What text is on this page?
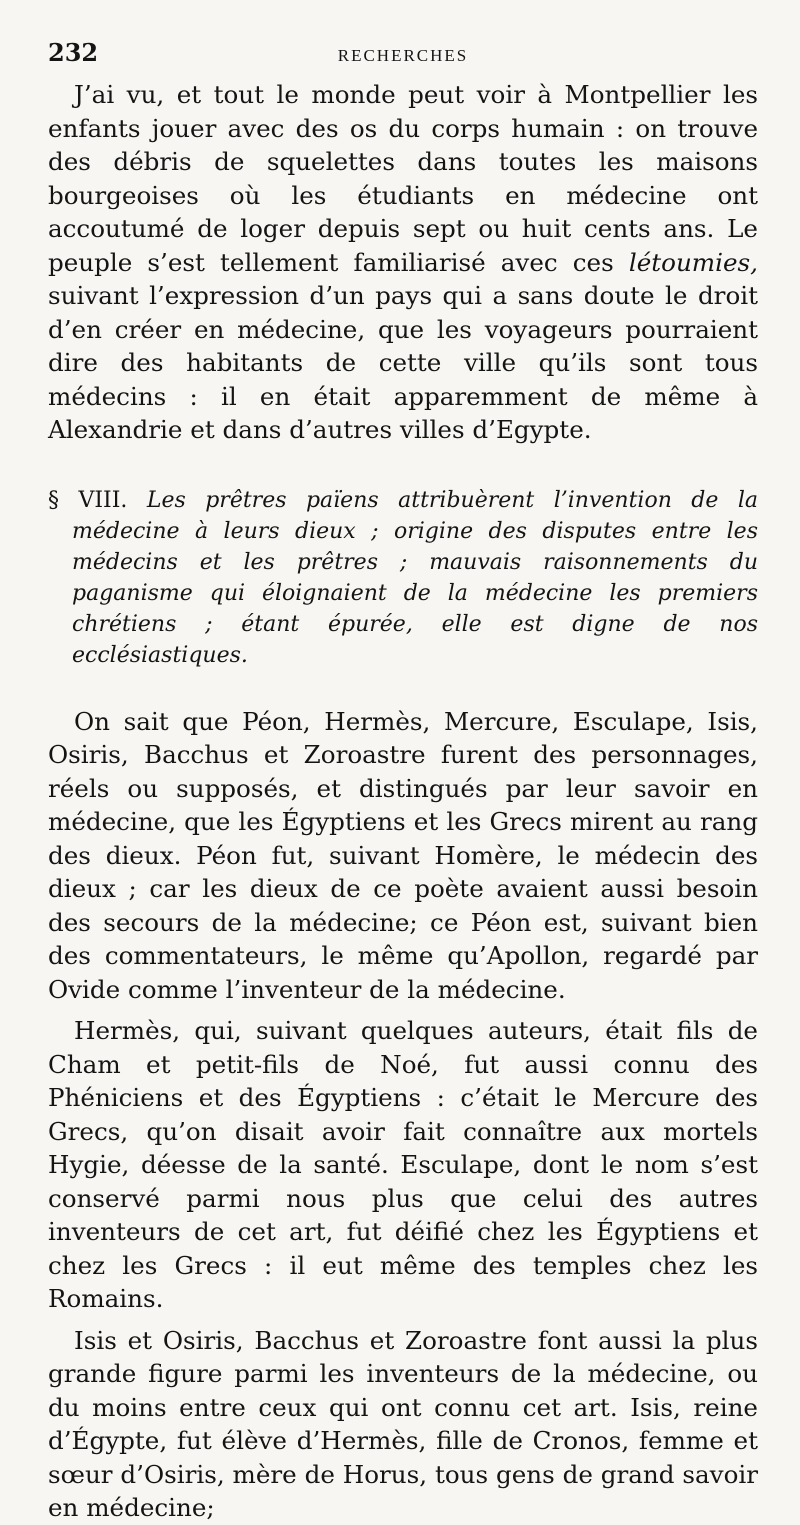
232	RECHERCHES

J’ai vu, et tout le monde peut voir à Montpellier les enfants jouer avec des os du corps humain : on trouve des débris de squelettes dans toutes les maisons bourgeoises où les étudiants en médecine ont accoutumé de loger depuis sept ou huit cents ans. Le peuple s’est tellement familiarisé avec ces létoumies, suivant l’expression d’un pays qui a sans doute le droit d’en créer en médecine, que les voyageurs pourraient dire des habitants de cette ville qu’ils sont tous médecins : il en était apparemment de même à Alexandrie et dans d’autres villes d’Egypte.

§ VIII. Les prêtres païens attribuèrent l’invention de la médecine à leurs dieux ; origine des disputes entre les médecins et les prêtres ; mauvais raisonnements du paganisme qui éloignaient de la médecine les premiers chrétiens ; étant épurée, elle est digne de nos ecclésiastiques.

On sait que Péon, Hermès, Mercure, Esculape, Isis, Osiris, Bacchus et Zoroastre furent des personnages, réels ou supposés, et distingués par leur savoir en médecine, que les Égyptiens et les Grecs mirent au rang des dieux. Péon fut, suivant Homère, le médecin des dieux ; car les dieux de ce poète avaient aussi besoin des secours de la médecine; ce Péon est, suivant bien des commentateurs, le même qu’Apollon, regardé par Ovide comme l’inventeur de la médecine.

Hermès, qui, suivant quelques auteurs, était fils de Cham et petit-fils de Noé, fut aussi connu des Phéniciens et des Égyptiens : c’était le Mercure des Grecs, qu’on disait avoir fait connaître aux mortels Hygie, déesse de la santé. Esculape, dont le nom s’est conservé parmi nous plus que celui des autres inventeurs de cet art, fut déifié chez les Égyptiens et chez les Grecs : il eut même des temples chez les Romains.

Isis et Osiris, Bacchus et Zoroastre font aussi la plus grande figure parmi les inventeurs de la médecine, ou du moins entre ceux qui ont connu cet art. Isis, reine d’Égypte, fut élève d’Hermès, fille de Cronos, femme et sœur d’Osiris, mère de Horus, tous gens de grand savoir en médecine;
